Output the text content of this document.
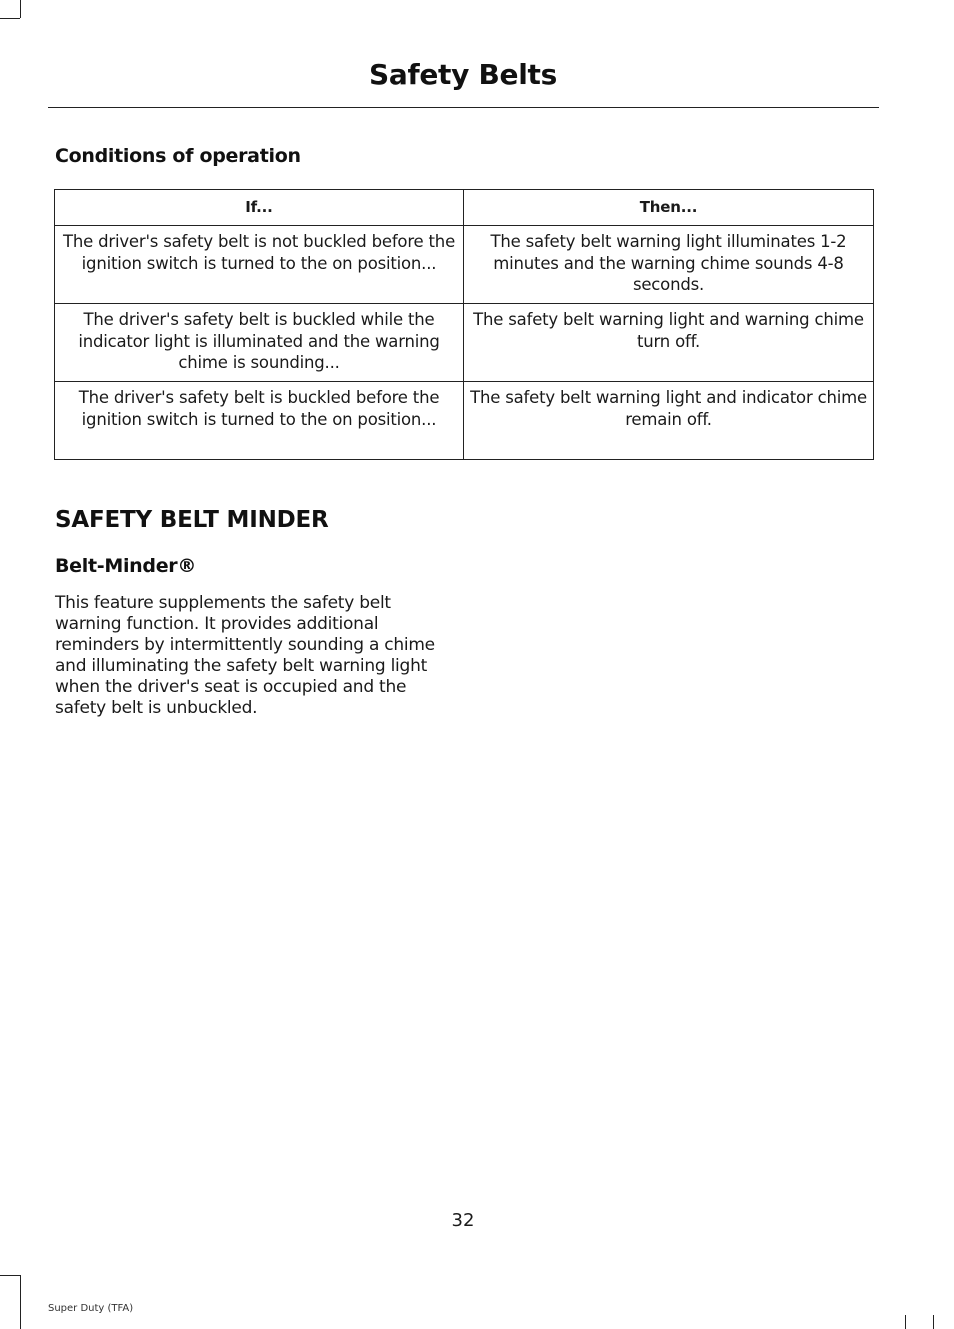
Safety Belts
Conditions of operation
If...	Then...
The driver's safety belt is not buckled before the ignition switch is turned to the on position...	The safety belt warning light illuminates 1-2 minutes and the warning chime sounds 4-8 seconds.
The driver's safety belt is buckled while the indicator light is illuminated and the warning chime is sounding...	The safety belt warning light and warning chime turn off.
The driver's safety belt is buckled before the ignition switch is turned to the on position...	The safety belt warning light and indicator chime remain off.
SAFETY BELT MINDER
Belt-Minder®
This feature supplements the safety belt warning function. It provides additional reminders by intermittently sounding a chime and illuminating the safety belt warning light when the driver's seat is occupied and the safety belt is unbuckled.
32
Super Duty (TFA)
